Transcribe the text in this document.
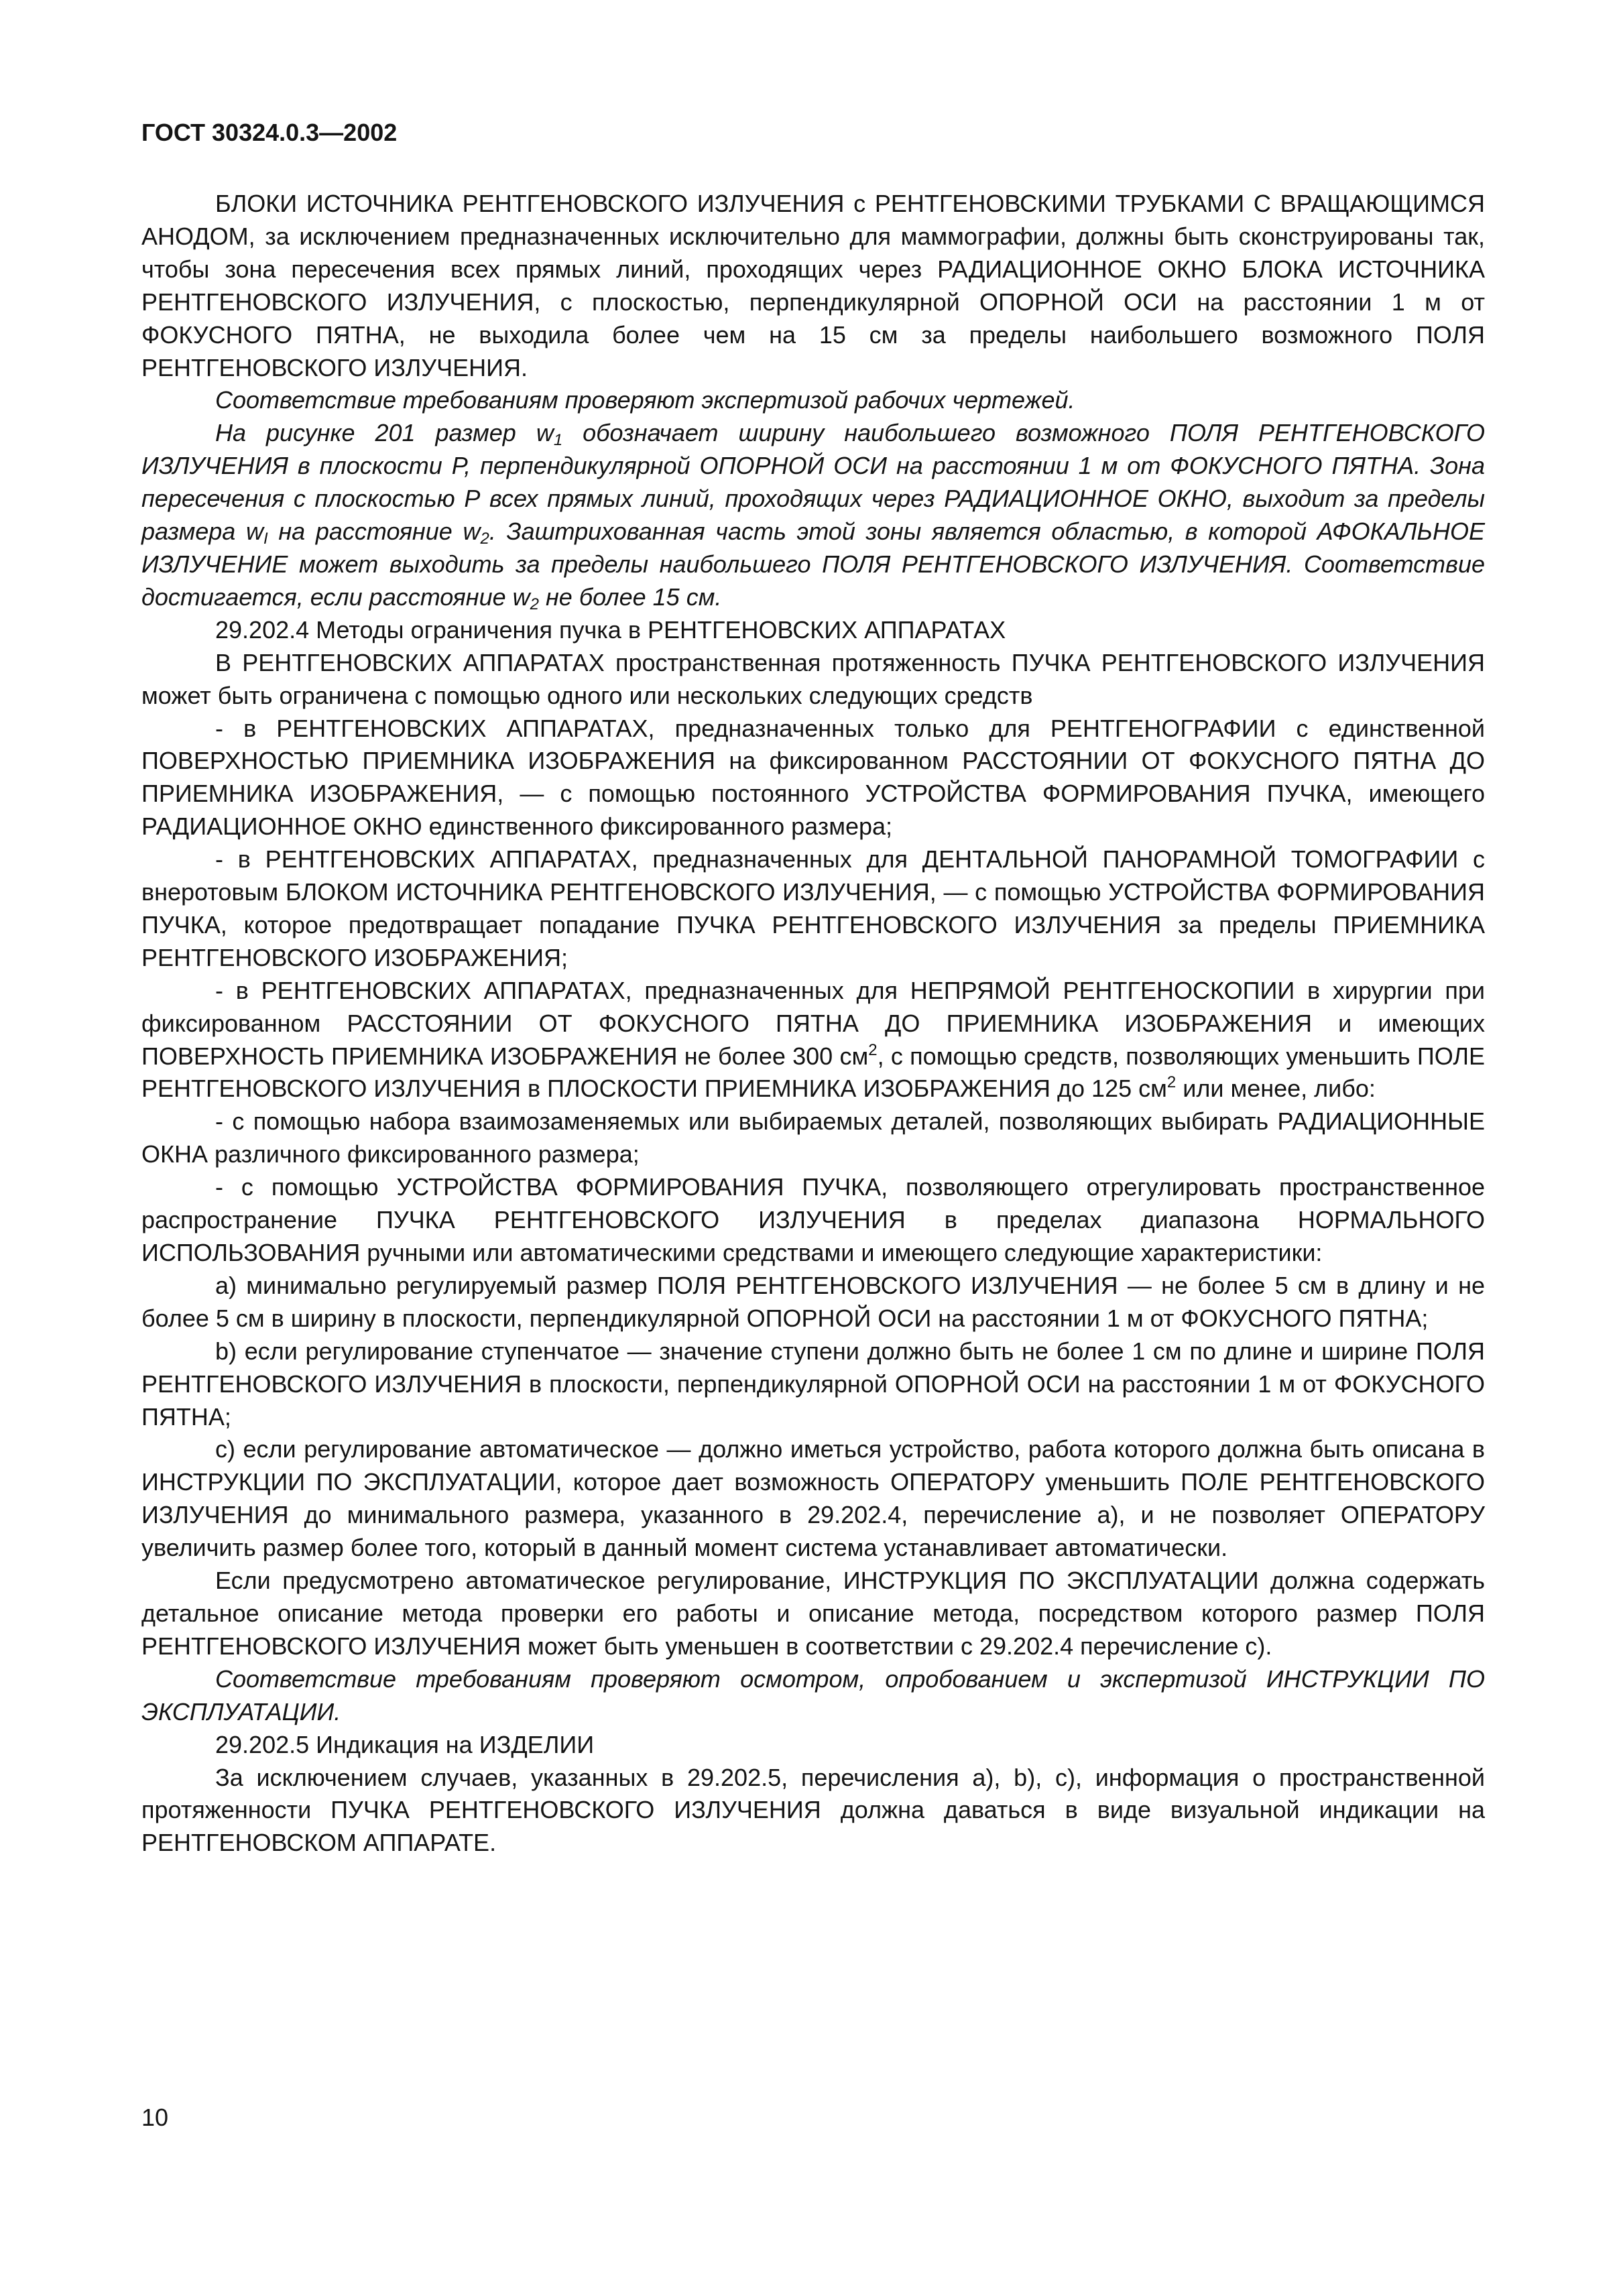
ГОСТ 30324.0.3—2002

БЛОКИ ИСТОЧНИКА РЕНТГЕНОВСКОГО ИЗЛУЧЕНИЯ с РЕНТГЕНОВСКИМИ ТРУБКАМИ С ВРАЩАЮЩИМСЯ АНОДОМ, за исключением предназначенных исключительно для маммографии, должны быть сконструированы так, чтобы зона пересечения всех прямых линий, проходящих через РАДИАЦИОННОЕ ОКНО БЛОКА ИСТОЧНИКА РЕНТГЕНОВСКОГО ИЗЛУЧЕНИЯ, с плоскостью, перпендикулярной ОПОРНОЙ ОСИ на расстоянии 1 м от ФОКУСНОГО ПЯТНА, не выходила более чем на 15 см за пределы наибольшего возможного ПОЛЯ РЕНТГЕНОВСКОГО ИЗЛУЧЕНИЯ.

Соответствие требованиям проверяют экспертизой рабочих чертежей.

На рисунке 201 размер $w_1$ обозначает ширину наибольшего возможного ПОЛЯ РЕНТГЕНОВСКОГО ИЗЛУЧЕНИЯ в плоскости Р, перпендикулярной ОПОРНОЙ ОСИ на расстоянии 1 м от ФОКУСНОГО ПЯТНА. Зона пересечения с плоскостью Р всех прямых линий, проходящих через РАДИАЦИОННОЕ ОКНО, выходит за пределы размера $w_I$ на расстояние $w_2$. Заштрихованная часть этой зоны является областью, в которой АФОКАЛЬНОЕ ИЗЛУЧЕНИЕ может выходить за пределы наибольшего ПОЛЯ РЕНТГЕНОВСКОГО ИЗЛУЧЕНИЯ. Соответствие достигается, если расстояние $w_2$ не более 15 см.

29.202.4 Методы ограничения пучка в РЕНТГЕНОВСКИХ АППАРАТАХ

В РЕНТГЕНОВСКИХ АППАРАТАХ пространственная протяженность ПУЧКА РЕНТГЕНОВСКОГО ИЗЛУЧЕНИЯ может быть ограничена с помощью одного или нескольких следующих средств

- в РЕНТГЕНОВСКИХ АППАРАТАХ, предназначенных только для РЕНТГЕНОГРАФИИ с единственной ПОВЕРХНОСТЬЮ ПРИЕМНИКА ИЗОБРАЖЕНИЯ на фиксированном РАССТОЯНИИ ОТ ФОКУСНОГО ПЯТНА ДО ПРИЕМНИКА ИЗОБРАЖЕНИЯ, — с помощью постоянного УСТРОЙСТВА ФОРМИРОВАНИЯ ПУЧКА, имеющего РАДИАЦИОННОЕ ОКНО единственного фиксированного размера;

- в РЕНТГЕНОВСКИХ АППАРАТАХ, предназначенных для ДЕНТАЛЬНОЙ ПАНОРАМНОЙ ТОМОГРАФИИ с внеротовым БЛОКОМ ИСТОЧНИКА РЕНТГЕНОВСКОГО ИЗЛУЧЕНИЯ, — с помощью УСТРОЙСТВА ФОРМИРОВАНИЯ ПУЧКА, которое предотвращает попадание ПУЧКА РЕНТГЕНОВСКОГО ИЗЛУЧЕНИЯ за пределы ПРИЕМНИКА РЕНТГЕНОВСКОГО ИЗОБРАЖЕНИЯ;

- в РЕНТГЕНОВСКИХ АППАРАТАХ, предназначенных для НЕПРЯМОЙ РЕНТГЕНОСКОПИИ в хирургии при фиксированном РАССТОЯНИИ ОТ ФОКУСНОГО ПЯТНА ДО ПРИЕМНИКА ИЗОБРАЖЕНИЯ и имеющих ПОВЕРХНОСТЬ ПРИЕМНИКА ИЗОБРАЖЕНИЯ не более 300 $см^2$, с помощью средств, позволяющих уменьшить ПОЛЕ РЕНТГЕНОВСКОГО ИЗЛУЧЕНИЯ в ПЛОСКОСТИ ПРИЕМНИКА ИЗОБРАЖЕНИЯ до 125 $см^2$ или менее, либо:

- с помощью набора взаимозаменяемых или выбираемых деталей, позволяющих выбирать РАДИАЦИОННЫЕ ОКНА различного фиксированного размера;

- с помощью УСТРОЙСТВА ФОРМИРОВАНИЯ ПУЧКА, позволяющего отрегулировать пространственное распространение ПУЧКА РЕНТГЕНОВСКОГО ИЗЛУЧЕНИЯ в пределах диапазона НОРМАЛЬНОГО ИСПОЛЬЗОВАНИЯ ручными или автоматическими средствами и имеющего следующие характеристики:

a) минимально регулируемый размер ПОЛЯ РЕНТГЕНОВСКОГО ИЗЛУЧЕНИЯ — не более 5 см в длину и не более 5 см в ширину в плоскости, перпендикулярной ОПОРНОЙ ОСИ на расстоянии 1 м от ФОКУСНОГО ПЯТНА;

b) если регулирование ступенчатое — значение ступени должно быть не более 1 см по длине и ширине ПОЛЯ РЕНТГЕНОВСКОГО ИЗЛУЧЕНИЯ в плоскости, перпендикулярной ОПОРНОЙ ОСИ на расстоянии 1 м от ФОКУСНОГО ПЯТНА;

c) если регулирование автоматическое — должно иметься устройство, работа которого должна быть описана в ИНСТРУКЦИИ ПО ЭКСПЛУАТАЦИИ, которое дает возможность ОПЕРАТОРУ уменьшить ПОЛЕ РЕНТГЕНОВСКОГО ИЗЛУЧЕНИЯ до минимального размера, указанного в 29.202.4, перечисление а), и не позволяет ОПЕРАТОРУ увеличить размер более того, который в данный момент система устанавливает автоматически.

Если предусмотрено автоматическое регулирование, ИНСТРУКЦИЯ ПО ЭКСПЛУАТАЦИИ должна содержать детальное описание метода проверки его работы и описание метода, посредством которого размер ПОЛЯ РЕНТГЕНОВСКОГО ИЗЛУЧЕНИЯ может быть уменьшен в соответствии с 29.202.4 перечисление с).

Соответствие требованиям проверяют осмотром, опробованием и экспертизой ИНСТРУКЦИИ ПО ЭКСПЛУАТАЦИИ.

29.202.5 Индикация на ИЗДЕЛИИ

За исключением случаев, указанных в 29.202.5, перечисления а), b), с), информация о пространственной протяженности ПУЧКА РЕНТГЕНОВСКОГО ИЗЛУЧЕНИЯ должна даваться в виде визуальной индикации на РЕНТГЕНОВСКОМ АППАРАТЕ.

10
